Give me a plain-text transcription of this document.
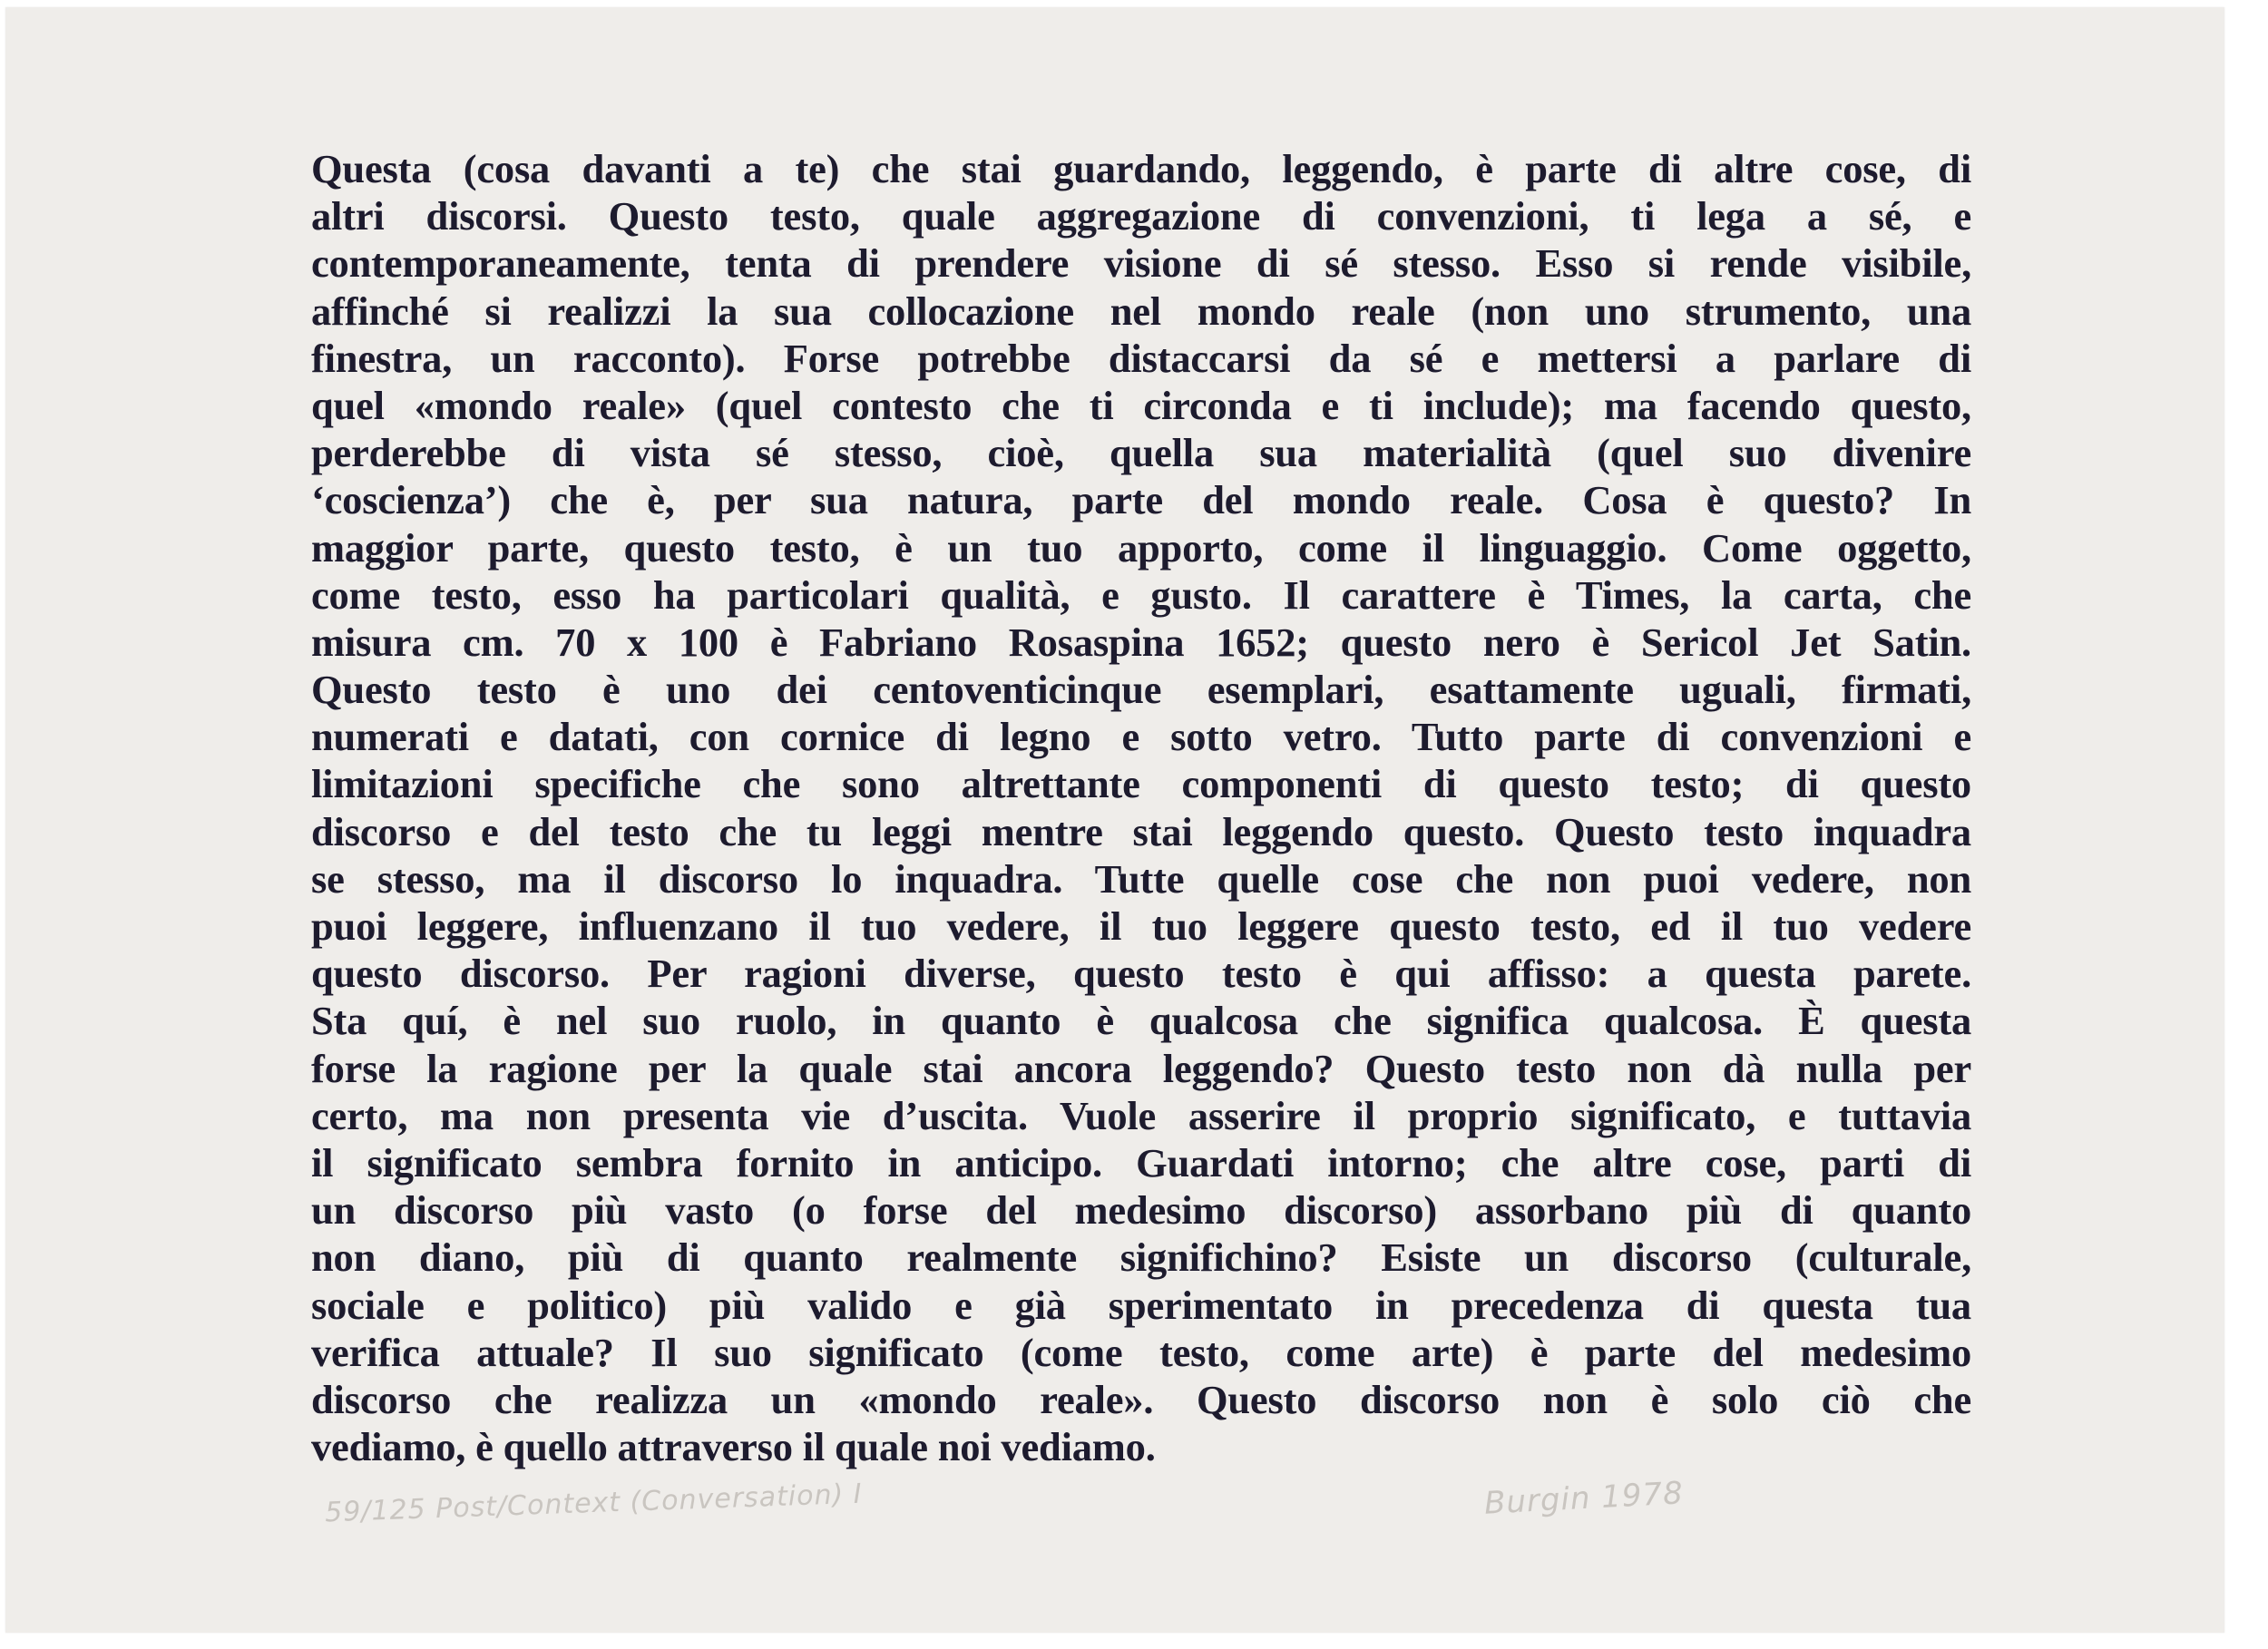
Questa (cosa davanti a te) che stai guardando, leggendo, è parte di altre cose, di
altri discorsi. Questo testo, quale aggregazione di convenzioni, ti lega a sé, e
contemporaneamente, tenta di prendere visione di sé stesso. Esso si rende visibile,
affinché si realizzi la sua collocazione nel mondo reale (non uno strumento, una
finestra, un racconto). Forse potrebbe distaccarsi da sé e mettersi a parlare di
quel «mondo reale» (quel contesto che ti circonda e ti include); ma facendo questo,
perderebbe di vista sé stesso, cioè, quella sua materialità (quel suo divenire
‘coscienza’) che è, per sua natura, parte del mondo reale. Cosa è questo? In
maggior parte, questo testo, è un tuo apporto, come il linguaggio. Come oggetto,
come testo, esso ha particolari qualità, e gusto. Il carattere è Times, la carta, che
misura cm. 70 x 100 è Fabriano Rosaspina 1652; questo nero è Sericol Jet Satin.
Questo testo è uno dei centoventicinque esemplari, esattamente uguali, firmati,
numerati e datati, con cornice di legno e sotto vetro. Tutto parte di convenzioni e
limitazioni specifiche che sono altrettante componenti di questo testo; di questo
discorso e del testo che tu leggi mentre stai leggendo questo. Questo testo inquadra
se stesso, ma il discorso lo inquadra. Tutte quelle cose che non puoi vedere, non
puoi leggere, influenzano il tuo vedere, il tuo leggere questo testo, ed il tuo vedere
questo discorso. Per ragioni diverse, questo testo è qui affisso: a questa parete.
Sta quí, è nel suo ruolo, in quanto è qualcosa che significa qualcosa. È questa
forse la ragione per la quale stai ancora leggendo? Questo testo non dà nulla per
certo, ma non presenta vie d’uscita. Vuole asserire il proprio significato, e tuttavia
il significato sembra fornito in anticipo. Guardati intorno; che altre cose, parti di
un discorso più vasto (o forse del medesimo discorso) assorbano più di quanto
non diano, più di quanto realmente significhino? Esiste un discorso (culturale,
sociale e politico) più valido e già sperimentato in precedenza di questa tua
verifica attuale? Il suo significato (come testo, come arte) è parte del medesimo
discorso che realizza un «mondo reale». Questo discorso non è solo ciò che
vediamo, è quello attraverso il quale noi vediamo.
59/125 Post/Context (Conversation) I	Burgin 1978
